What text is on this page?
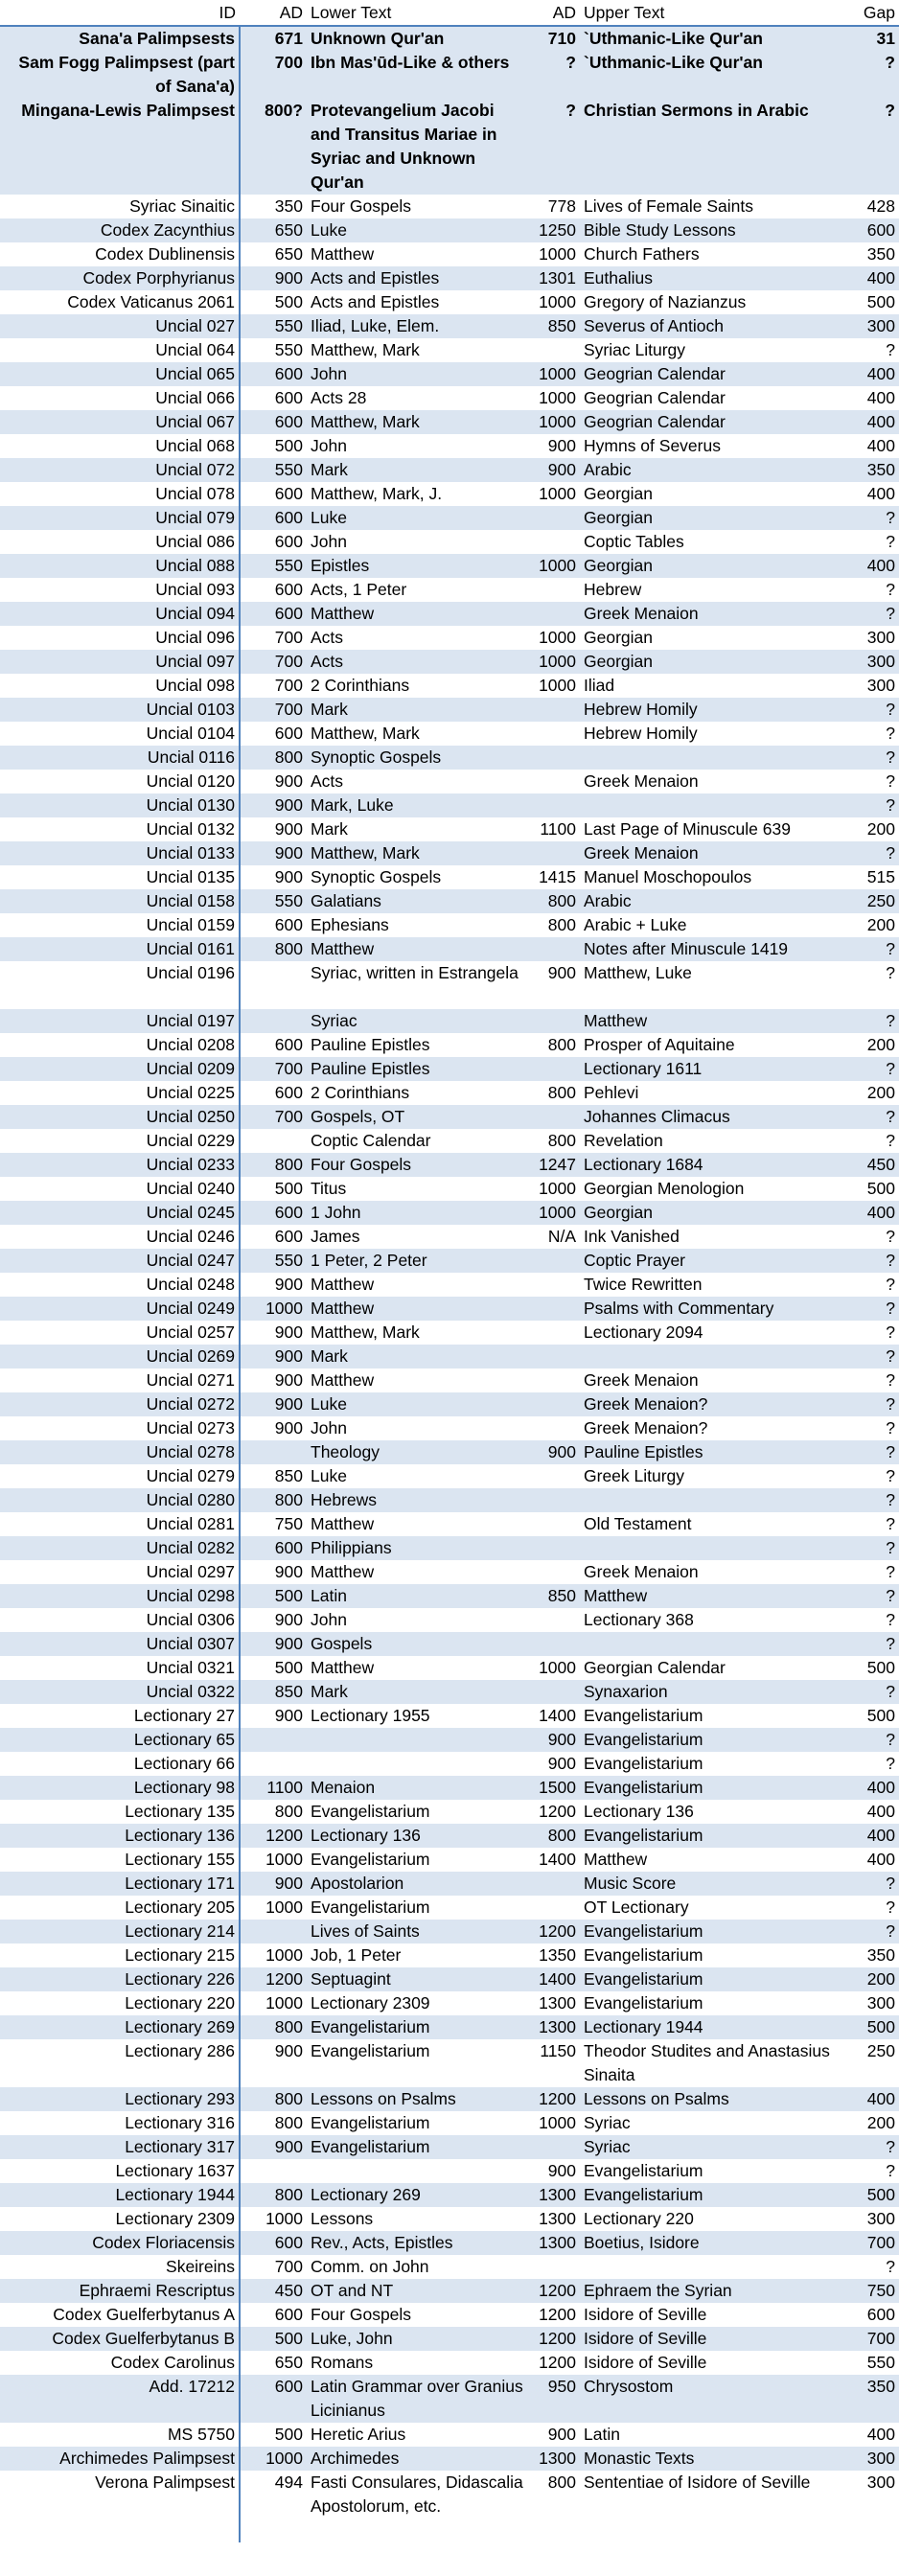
ID	AD	Lower Text	AD	Upper Text	Gap
Sana'a Palimpsests	671	Unknown Qur'an	710	`Uthmanic-Like Qur'an	31
Sam Fogg Palimpsest (part of Sana'a)	700	Ibn Mas'ūd-Like & others	?	`Uthmanic-Like Qur'an	?
Mingana-Lewis Palimpsest	800?	Protevangelium Jacobi and Transitus Mariae in Syriac and Unknown Qur'an	?	Christian Sermons in Arabic	?
Syriac Sinaitic	350	Four Gospels	778	Lives of Female Saints	428
Codex Zacynthius	650	Luke	1250	Bible Study Lessons	600
Codex Dublinensis	650	Matthew	1000	Church Fathers	350
Codex Porphyrianus	900	Acts and Epistles	1301	Euthalius	400
Codex Vaticanus 2061	500	Acts and Epistles	1000	Gregory of Nazianzus	500
Uncial 027	550	Iliad, Luke, Elem.	850	Severus of Antioch	300
Uncial 064	550	Matthew, Mark		Syriac Liturgy	?
Uncial 065	600	John	1000	Geogrian Calendar	400
Uncial 066	600	Acts 28	1000	Geogrian Calendar	400
Uncial 067	600	Matthew, Mark	1000	Geogrian Calendar	400
Uncial 068	500	John	900	Hymns of Severus	400
Uncial 072	550	Mark	900	Arabic	350
Uncial 078	600	Matthew, Mark, J.	1000	Georgian	400
Uncial 079	600	Luke		Georgian	?
Uncial 086	600	John		Coptic Tables	?
Uncial 088	550	Epistles	1000	Georgian	400
Uncial 093	600	Acts, 1 Peter		Hebrew	?
Uncial 094	600	Matthew		Greek Menaion	?
Uncial 096	700	Acts	1000	Georgian	300
Uncial 097	700	Acts	1000	Georgian	300
Uncial 098	700	2 Corinthians	1000	Iliad	300
Uncial 0103	700	Mark		Hebrew Homily	?
Uncial 0104	600	Matthew, Mark		Hebrew Homily	?
Uncial 0116	800	Synoptic Gospels			?
Uncial 0120	900	Acts		Greek Menaion	?
Uncial 0130	900	Mark, Luke			?
Uncial 0132	900	Mark	1100	Last Page of Minuscule 639	200
Uncial 0133	900	Matthew, Mark		Greek Menaion	?
Uncial 0135	900	Synoptic Gospels	1415	Manuel Moschopoulos	515
Uncial 0158	550	Galatians	800	Arabic	250
Uncial 0159	600	Ephesians	800	Arabic + Luke	200
Uncial 0161	800	Matthew		Notes after Minuscule 1419	?
Uncial 0196		Syriac, written in Estrangela	900	Matthew, Luke	?
Uncial 0197		Syriac		Matthew	?
Uncial 0208	600	Pauline Epistles	800	Prosper of Aquitaine	200
Uncial 0209	700	Pauline Epistles		Lectionary 1611	?
Uncial 0225	600	2 Corinthians	800	Pehlevi	200
Uncial 0250	700	Gospels, OT		Johannes Climacus	?
Uncial 0229		Coptic Calendar	800	Revelation	?
Uncial 0233	800	Four Gospels	1247	Lectionary 1684	450
Uncial 0240	500	Titus	1000	Georgian Menologion	500
Uncial 0245	600	1 John	1000	Georgian	400
Uncial 0246	600	James	N/A	Ink Vanished	?
Uncial 0247	550	1 Peter, 2 Peter		Coptic Prayer	?
Uncial 0248	900	Matthew		Twice Rewritten	?
Uncial 0249	1000	Matthew		Psalms with Commentary	?
Uncial 0257	900	Matthew, Mark		Lectionary 2094	?
Uncial 0269	900	Mark			?
Uncial 0271	900	Matthew		Greek Menaion	?
Uncial 0272	900	Luke		Greek Menaion?	?
Uncial 0273	900	John		Greek Menaion?	?
Uncial 0278		Theology	900	Pauline Epistles	?
Uncial 0279	850	Luke		Greek Liturgy	?
Uncial 0280	800	Hebrews			?
Uncial 0281	750	Matthew		Old Testament	?
Uncial 0282	600	Philippians			?
Uncial 0297	900	Matthew		Greek Menaion	?
Uncial 0298	500	Latin	850	Matthew	?
Uncial 0306	900	John		Lectionary 368	?
Uncial 0307	900	Gospels			?
Uncial 0321	500	Matthew	1000	Georgian Calendar	500
Uncial 0322	850	Mark		Synaxarion	?
Lectionary 27	900	Lectionary 1955	1400	Evangelistarium	500
Lectionary 65			900	Evangelistarium	?
Lectionary 66			900	Evangelistarium	?
Lectionary 98	1100	Menaion	1500	Evangelistarium	400
Lectionary 135	800	Evangelistarium	1200	Lectionary 136	400
Lectionary 136	1200	Lectionary 136	800	Evangelistarium	400
Lectionary 155	1000	Evangelistarium	1400	Matthew	400
Lectionary 171	900	Apostolarion		Music Score	?
Lectionary 205	1000	Evangelistarium		OT Lectionary	?
Lectionary 214		Lives of Saints	1200	Evangelistarium	?
Lectionary 215	1000	Job, 1 Peter	1350	Evangelistarium	350
Lectionary 226	1200	Septuagint	1400	Evangelistarium	200
Lectionary 220	1000	Lectionary 2309	1300	Evangelistarium	300
Lectionary 269	800	Evangelistarium	1300	Lectionary 1944	500
Lectionary 286	900	Evangelistarium	1150	Theodor Studites and Anastasius Sinaita	250
Lectionary 293	800	Lessons on Psalms	1200	Lessons on Psalms	400
Lectionary 316	800	Evangelistarium	1000	Syriac	200
Lectionary 317	900	Evangelistarium		Syriac	?
Lectionary 1637			900	Evangelistarium	?
Lectionary 1944	800	Lectionary 269	1300	Evangelistarium	500
Lectionary 2309	1000	Lessons	1300	Lectionary 220	300
Codex Floriacensis	600	Rev., Acts, Epistles	1300	Boetius, Isidore	700
Skeireins	700	Comm. on John			?
Ephraemi Rescriptus	450	OT and NT	1200	Ephraem the Syrian	750
Codex Guelferbytanus A	600	Four Gospels	1200	Isidore of Seville	600
Codex Guelferbytanus B	500	Luke, John	1200	Isidore of Seville	700
Codex Carolinus	650	Romans	1200	Isidore of Seville	550
Add. 17212	600	Latin Grammar over Granius Licinianus	950	Chrysostom	350
MS 5750	500	Heretic Arius	900	Latin	400
Archimedes Palimpsest	1000	Archimedes	1300	Monastic Texts	300
Verona Palimpsest	494	Fasti Consulares, Didascalia Apostolorum, etc.	800	Sententiae of Isidore of Seville	300
